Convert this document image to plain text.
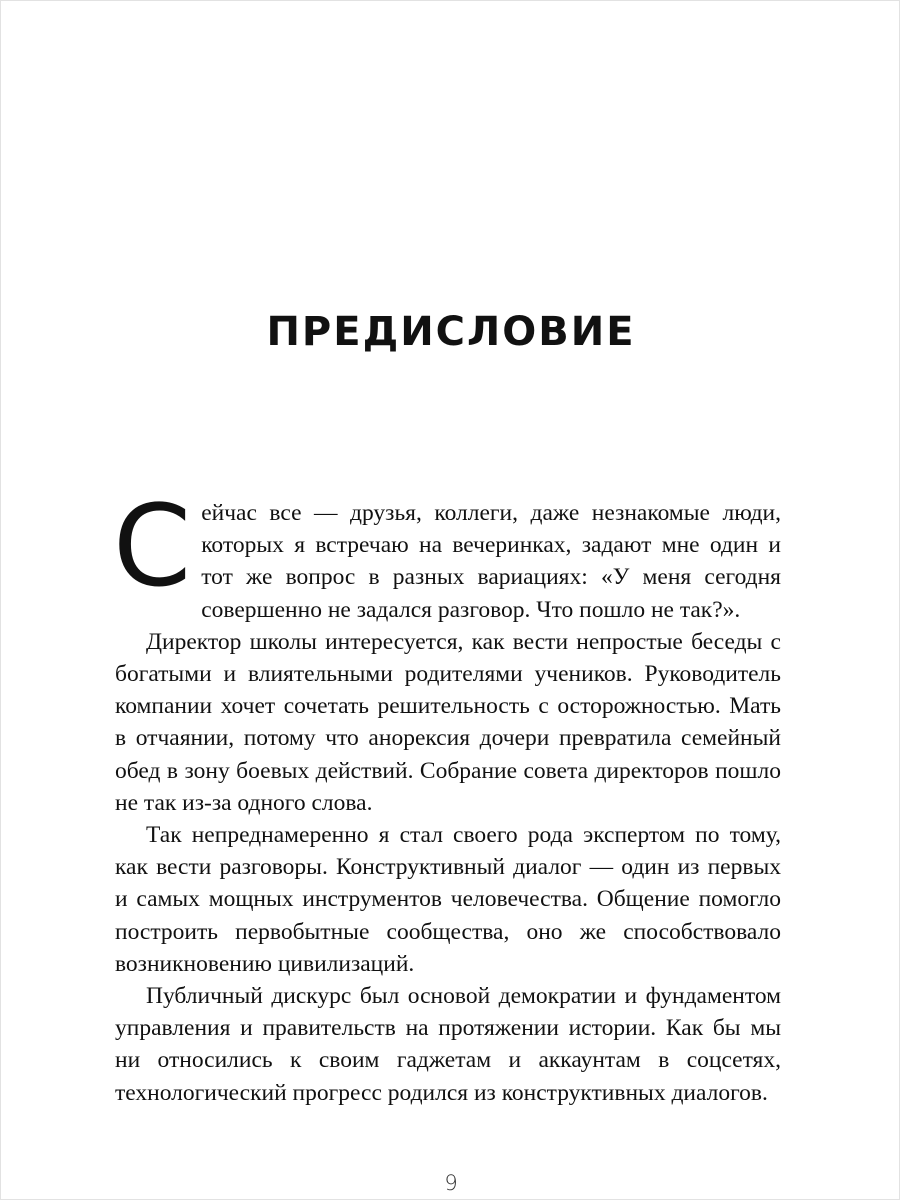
ПРЕДИСЛОВИЕ

Сейчас все — друзья, коллеги, даже незнакомые люди, которых я встречаю на вечеринках, задают мне один и тот же вопрос в разных вариациях: «У меня сегодня совершенно не задался разговор. Что пошло не так?».

Директор школы интересуется, как вести непростые беседы с богатыми и влиятельными родителями учеников. Руководитель компании хочет сочетать решительность с осторожностью. Мать в отчаянии, потому что анорексия дочери превратила семейный обед в зону боевых действий. Собрание совета директоров пошло не так из-за одного слова.

Так непреднамеренно я стал своего рода экспертом по тому, как вести разговоры. Конструктивный диалог — один из первых и самых мощных инструментов человечества. Общение помогло построить первобытные сообщества, оно же способствовало возникновению цивилизаций.

Публичный дискурс был основой демократии и фундаментом управления и правительств на протяжении истории. Как бы мы ни относились к своим гаджетам и аккаунтам в соцсетях, технологический прогресс родился из конструктивных диалогов.

9
